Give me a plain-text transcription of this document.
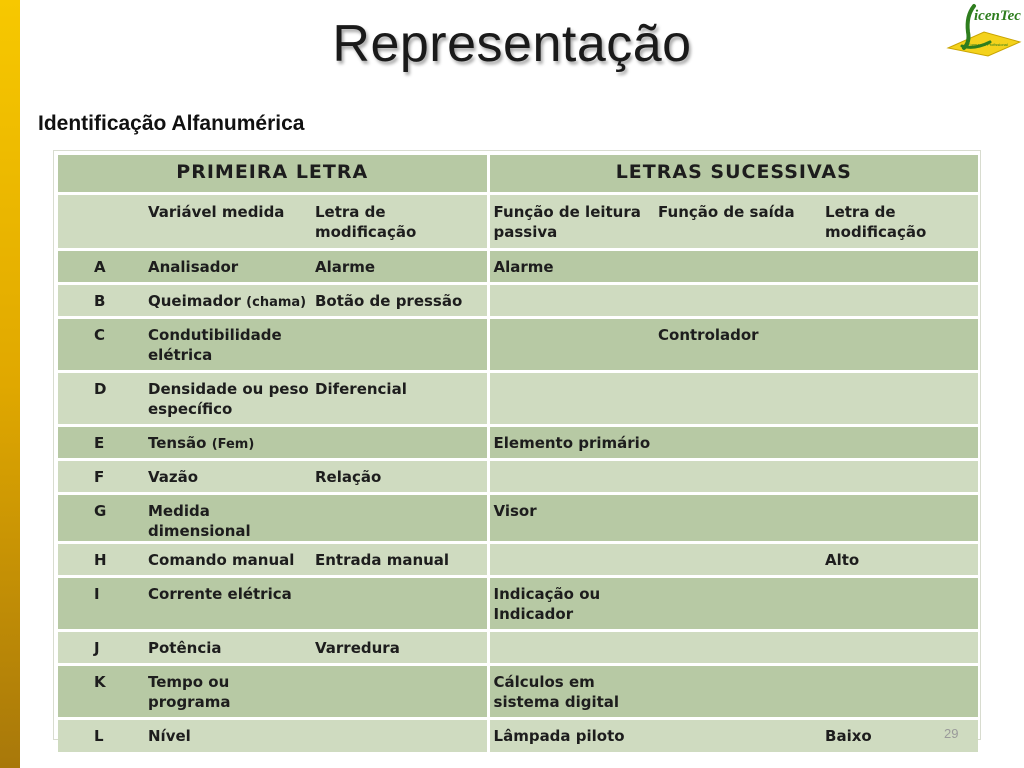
Representação	icenTec
Formação Profissional
Identificação Alfanumérica
PRIMEIRA LETRA			LETRAS SUCESSIVAS		
	Variável medida	Letra de modificação	Função de leitura passiva	Função de saída	Letra de modificação
A	Analisador	Alarme	Alarme		
B	Queimador (chama)	Botão de pressão			
C	Condutibilidade elétrica			Controlador	
D	Densidade ou peso específico	Diferencial			
E	Tensão (Fem)		Elemento primário		
F	Vazão	Relação			
G	Medida dimensional		Visor		
H	Comando manual	Entrada manual			Alto
I	Corrente elétrica		Indicação ou Indicador		
J	Potência	Varredura			
K	Tempo ou programa		Cálculos em sistema digital		
L	Nível		Lâmpada piloto		Baixo	29
